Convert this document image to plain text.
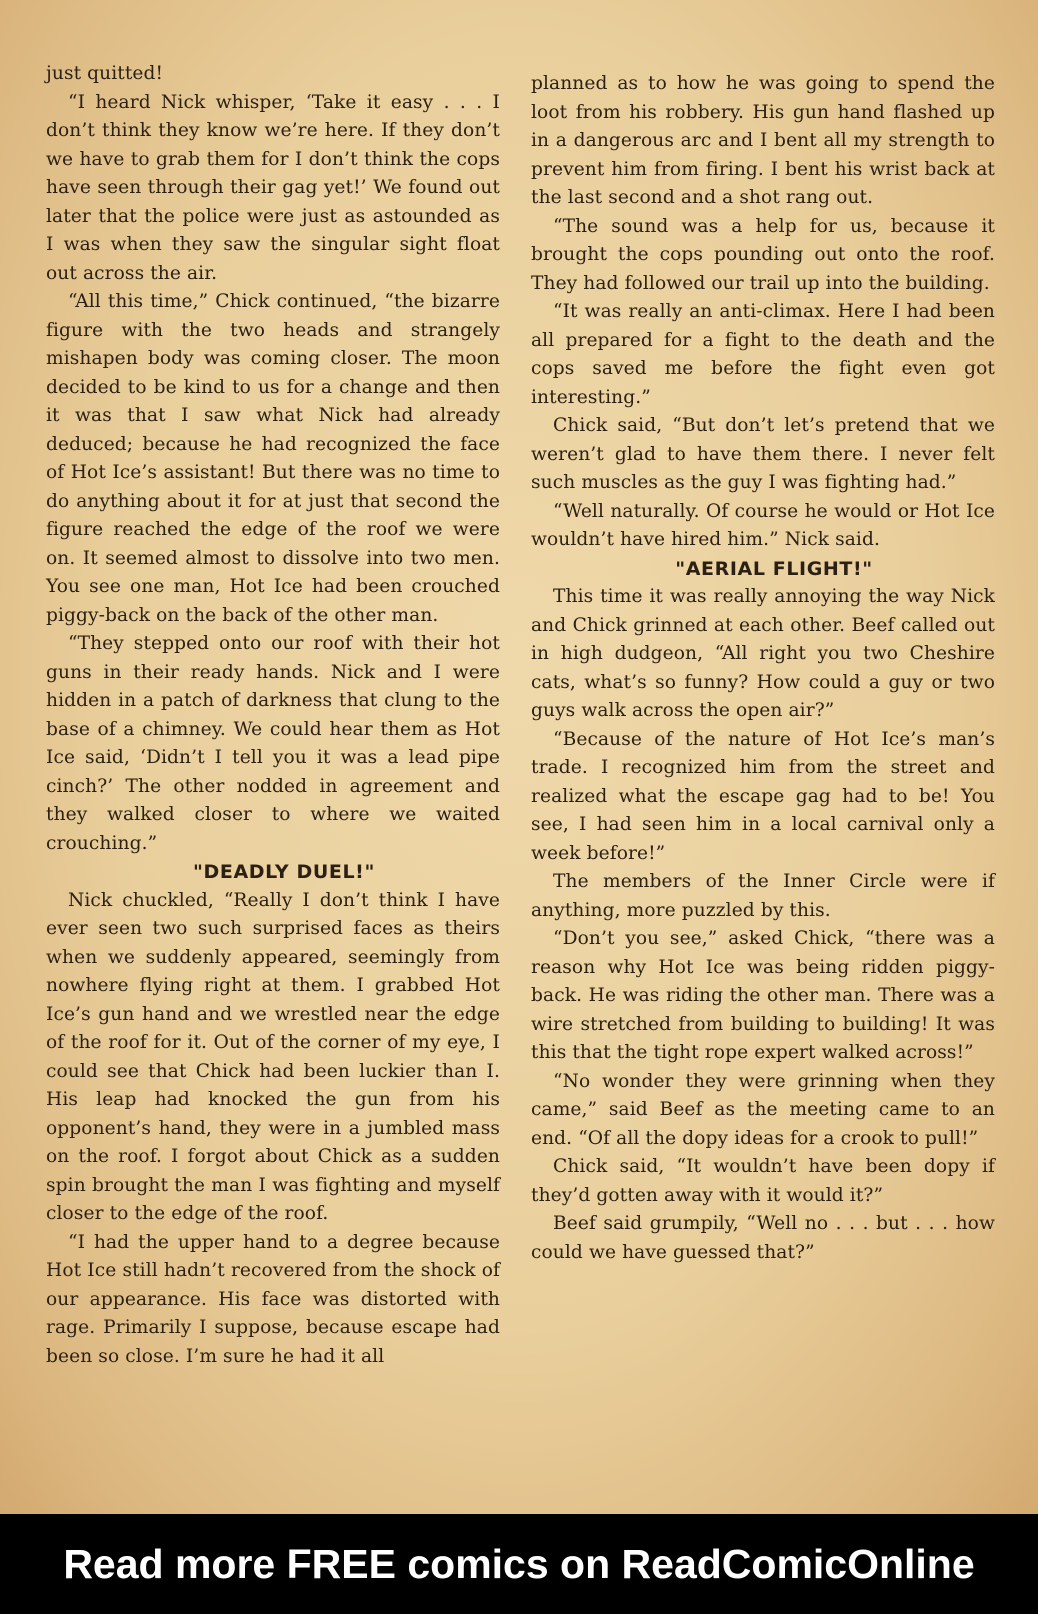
just quitted!

“I heard Nick whisper, ‘Take it easy . . . I don’t think they know we’re here. If they don’t we have to grab them for I don’t think the cops have seen through their gag yet!’ We found out later that the police were just as astounded as I was when they saw the singular sight float out across the air.

“All this time,” Chick continued, “the bizarre figure with the two heads and strangely mishapen body was coming closer. The moon decided to be kind to us for a change and then it was that I saw what Nick had already deduced; because he had recognized the face of Hot Ice’s assistant! But there was no time to do anything about it for at just that second the figure reached the edge of the roof we were on. It seemed almost to dissolve into two men. You see one man, Hot Ice had been crouched piggy-back on the back of the other man.

“They stepped onto our roof with their hot guns in their ready hands. Nick and I were hidden in a patch of darkness that clung to the base of a chimney. We could hear them as Hot Ice said, ‘Didn’t I tell you it was a lead pipe cinch?’ The other nodded in agreement and they walked closer to where we waited crouching.”

"DEADLY DUEL!"

Nick chuckled, “Really I don’t think I have ever seen two such surprised faces as theirs when we suddenly appeared, seemingly from nowhere flying right at them. I grabbed Hot Ice’s gun hand and we wrestled near the edge of the roof for it. Out of the corner of my eye, I could see that Chick had been luckier than I. His leap had knocked the gun from his opponent’s hand, they were in a jumbled mass on the roof. I forgot about Chick as a sudden spin brought the man I was fighting and myself closer to the edge of the roof.

“I had the upper hand to a degree because Hot Ice still hadn’t recovered from the shock of our appearance. His face was distorted with rage. Primarily I suppose, because escape had been so close. I’m sure he had it all

planned as to how he was going to spend the loot from his robbery. His gun hand flashed up in a dangerous arc and I bent all my strength to prevent him from firing. I bent his wrist back at the last second and a shot rang out.

“The sound was a help for us, because it brought the cops pounding out onto the roof. They had followed our trail up into the building.

“It was really an anti-climax. Here I had been all prepared for a fight to the death and the cops saved me before the fight even got interesting.”

Chick said, “But don’t let’s pretend that we weren’t glad to have them there. I never felt such muscles as the guy I was fighting had.”

“Well naturally. Of course he would or Hot Ice wouldn’t have hired him.” Nick said.

"AERIAL FLIGHT!"

This time it was really annoying the way Nick and Chick grinned at each other. Beef called out in high dudgeon, “All right you two Cheshire cats, what’s so funny? How could a guy or two guys walk across the open air?”

“Because of the nature of Hot Ice’s man’s trade. I recognized him from the street and realized what the escape gag had to be! You see, I had seen him in a local carnival only a week before!”

The members of the Inner Circle were if anything, more puzzled by this.

“Don’t you see,” asked Chick, “there was a reason why Hot Ice was being ridden piggy-back. He was riding the other man. There was a wire stretched from building to building! It was this that the tight rope expert walked across!”

“No wonder they were grinning when they came,” said Beef as the meeting came to an end. “Of all the dopy ideas for a crook to pull!”

Chick said, “It wouldn’t have been dopy if they’d gotten away with it would it?”

Beef said grumpily, “Well no . . . but . . . how could we have guessed that?”

Read more FREE comics on ReadComicOnline
